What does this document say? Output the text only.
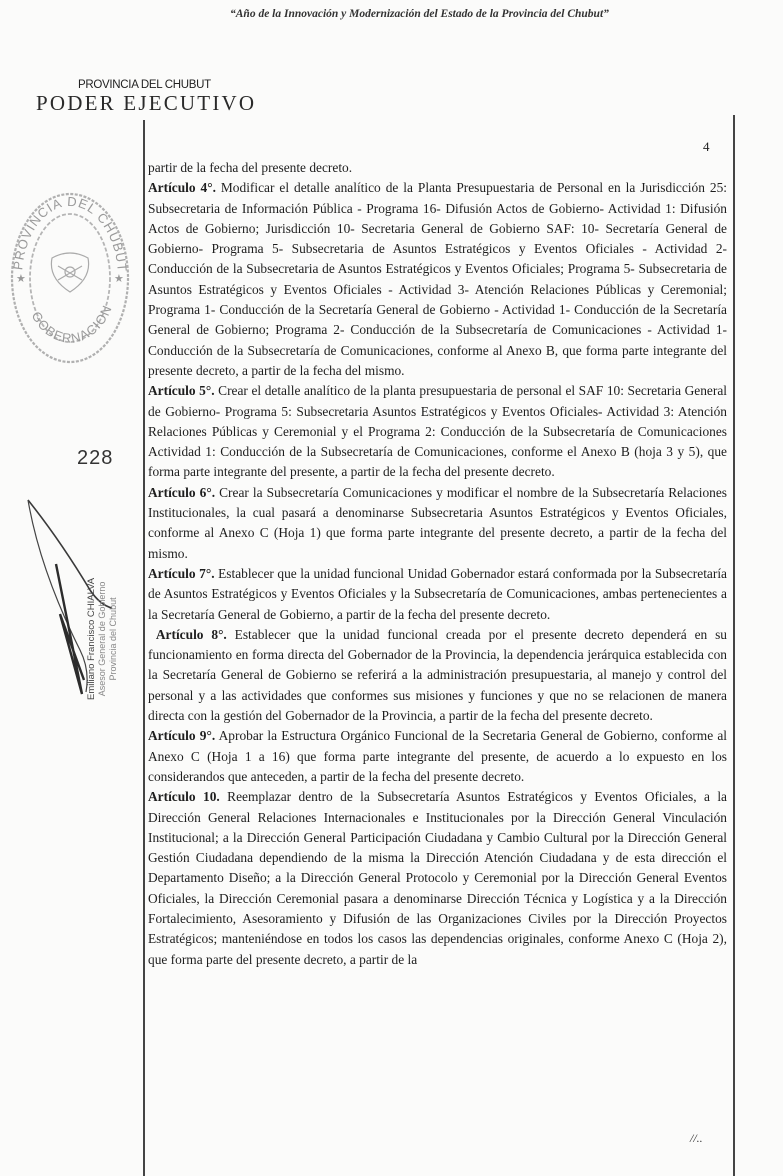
“Año de la Innovación y Modernización del Estado de la Provincia del Chubut”
PROVINCIA DEL CHUBUT
PODER EJECUTIVO
4
PROVINCIA DEL CHUBUT
GOBERNACION
★	★
228
Emiliano Francisco CHIALVA Asesor General de Gobierno Provincia del Chubut

partir de la fecha del presente decreto.

Artículo 4°. Modificar el detalle analítico de la Planta Presupuestaria de Personal en la Jurisdicción 25: Subsecretaria de Información Pública - Programa 16- Difusión Actos de Gobierno- Actividad 1: Difusión Actos de Gobierno; Jurisdicción 10- Secretaria General de Gobierno SAF: 10- Secretaría General de Gobierno- Programa 5- Subsecretaria de Asuntos Estratégicos y Eventos Oficiales - Actividad 2- Conducción de la Subsecretaria de Asuntos Estratégicos y Eventos Oficiales; Programa 5- Subsecretaria de Asuntos Estratégicos y Eventos Oficiales - Actividad 3- Atención Relaciones Públicas y Ceremonial; Programa 1- Conducción de la Secretaría General de Gobierno - Actividad 1- Conducción de la Secretaría General de Gobierno; Programa 2- Conducción de la Subsecretaría de Comunicaciones - Actividad 1- Conducción de la Subsecretaría de Comunicaciones, conforme al Anexo B, que forma parte integrante del presente decreto, a partir de la fecha del mismo.

Artículo 5°. Crear el detalle analítico de la planta presupuestaria de personal el SAF 10: Secretaria General de Gobierno- Programa 5: Subsecretaria Asuntos Estratégicos y Eventos Oficiales- Actividad 3: Atención Relaciones Públicas y Ceremonial y el Programa 2: Conducción de la Subsecretaría de Comunicaciones Actividad 1: Conducción de la Subsecretaría de Comunicaciones, conforme el Anexo B (hoja 3 y 5), que forma parte integrante del presente, a partir de la fecha del presente decreto.

Artículo 6°. Crear la Subsecretaría Comunicaciones y modificar el nombre de la Subsecretaría Relaciones Institucionales, la cual pasará a denominarse Subsecretaria Asuntos Estratégicos y Eventos Oficiales, conforme al Anexo C (Hoja 1) que forma parte integrante del presente decreto, a partir de la fecha del mismo.

Artículo 7°. Establecer que la unidad funcional Unidad Gobernador estará conformada por la Subsecretaría de Asuntos Estratégicos y Eventos Oficiales y la Subsecretaría de Comunicaciones, ambas pertenecientes a la Secretaría General de Gobierno, a partir de la fecha del presente decreto.

Artículo 8°. Establecer que la unidad funcional creada por el presente decreto dependerá en su funcionamiento en forma directa del Gobernador de la Provincia, la dependencia jerárquica establecida con la Secretaría General de Gobierno se referirá a la administración presupuestaria, al manejo y control del personal y a las actividades que conformes sus misiones y funciones y que no se relacionen de manera directa con la gestión del Gobernador de la Provincia, a partir de la fecha del presente decreto.

Artículo 9°. Aprobar la Estructura Orgánico Funcional de la Secretaria General de Gobierno, conforme al Anexo C (Hoja 1 a 16) que forma parte integrante del presente, de acuerdo a lo expuesto en los considerandos que anteceden, a partir de la fecha del presente decreto.

Artículo 10. Reemplazar dentro de la Subsecretaría Asuntos Estratégicos y Eventos Oficiales, a la Dirección General Relaciones Internacionales e Institucionales por la Dirección General Vinculación Institucional; a la Dirección General Participación Ciudadana y Cambio Cultural por la Dirección General Gestión Ciudadana dependiendo de la misma la Dirección Atención Ciudadana y de esta dirección el Departamento Diseño; a la Dirección General Protocolo y Ceremonial por la Dirección General Eventos Oficiales, la Dirección Ceremonial pasara a denominarse Dirección Técnica y Logística y a la Dirección Fortalecimiento, Asesoramiento y Difusión de las Organizaciones Civiles por la Dirección Proyectos Estratégicos; manteniéndose en todos los casos las dependencias originales, conforme Anexo C (Hoja 2), que forma parte del presente decreto, a partir de la

//..
